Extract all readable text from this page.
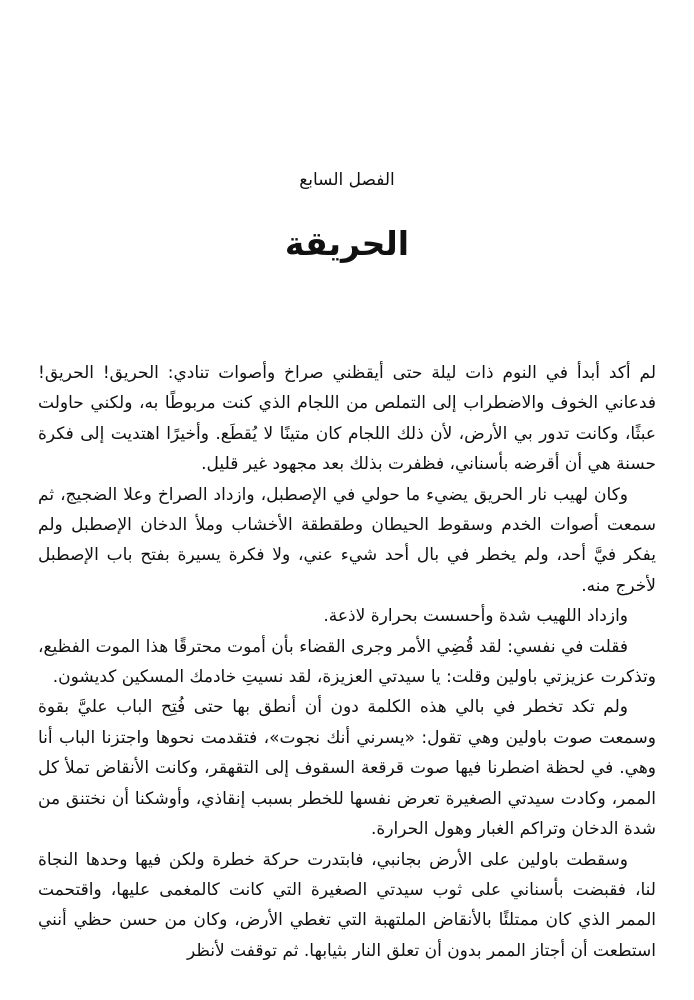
الفصل السابع
الحريقة

لم أكد أبدأ في النوم ذات ليلة حتى أيقظني صراخ وأصوات تنادي: الحريق! الحريق! فدعاني الخوف والاضطراب إلى التملص من اللجام الذي كنت مربوطًا به، ولكني حاولت عبثًا، وكانت تدور بي الأرض، لأن ذلك اللجام كان متينًا لا يُقطَع. وأخيرًا اهتديت إلى فكرة حسنة هي أن أقرضه بأسناني، فظفرت بذلك بعد مجهود غير قليل.

وكان لهيب نار الحريق يضيء ما حولي في الإصطبل، وازداد الصراخ وعلا الضجيج، ثم سمعت أصوات الخدم وسقوط الحيطان وطقطقة الأخشاب وملأ الدخان الإصطبل ولم يفكر فيَّ أحد، ولم يخطر في بال أحد شيء عني، ولا فكرة يسيرة بفتح باب الإصطبل لأخرج منه.

وازداد اللهيب شدة وأحسست بحرارة لاذعة.

فقلت في نفسي: لقد قُضِي الأمر وجرى القضاء بأن أموت محترقًا هذا الموت الفظيع، وتذكرت عزيزتي باولين وقلت: يا سيدتي العزيزة، لقد نسيتِ خادمك المسكين كديشون.

ولم تكد تخطر في بالي هذه الكلمة دون أن أنطق بها حتى فُتِح الباب عليَّ بقوة وسمعت صوت باولين وهي تقول: «يسرني أنك نجوت»، فتقدمت نحوها واجتزنا الباب أنا وهي. في لحظة اضطرنا فيها صوت قرقعة السقوف إلى التقهقر، وكانت الأنقاض تملأ كل الممر، وكادت سيدتي الصغيرة تعرض نفسها للخطر بسبب إنقاذي، وأوشكنا أن نختنق من شدة الدخان وتراكم الغبار وهول الحرارة.

وسقطت باولين على الأرض بجانبي، فابتدرت حركة خطرة ولكن فيها وحدها النجاة لنا، فقبضت بأسناني على ثوب سيدتي الصغيرة التي كانت كالمغمى عليها، واقتحمت الممر الذي كان ممتلئًا بالأنقاض الملتهبة التي تغطي الأرض، وكان من حسن حظي أنني استطعت أن أجتاز الممر بدون أن تعلق النار بثيابها. ثم توقفت لأنظر
